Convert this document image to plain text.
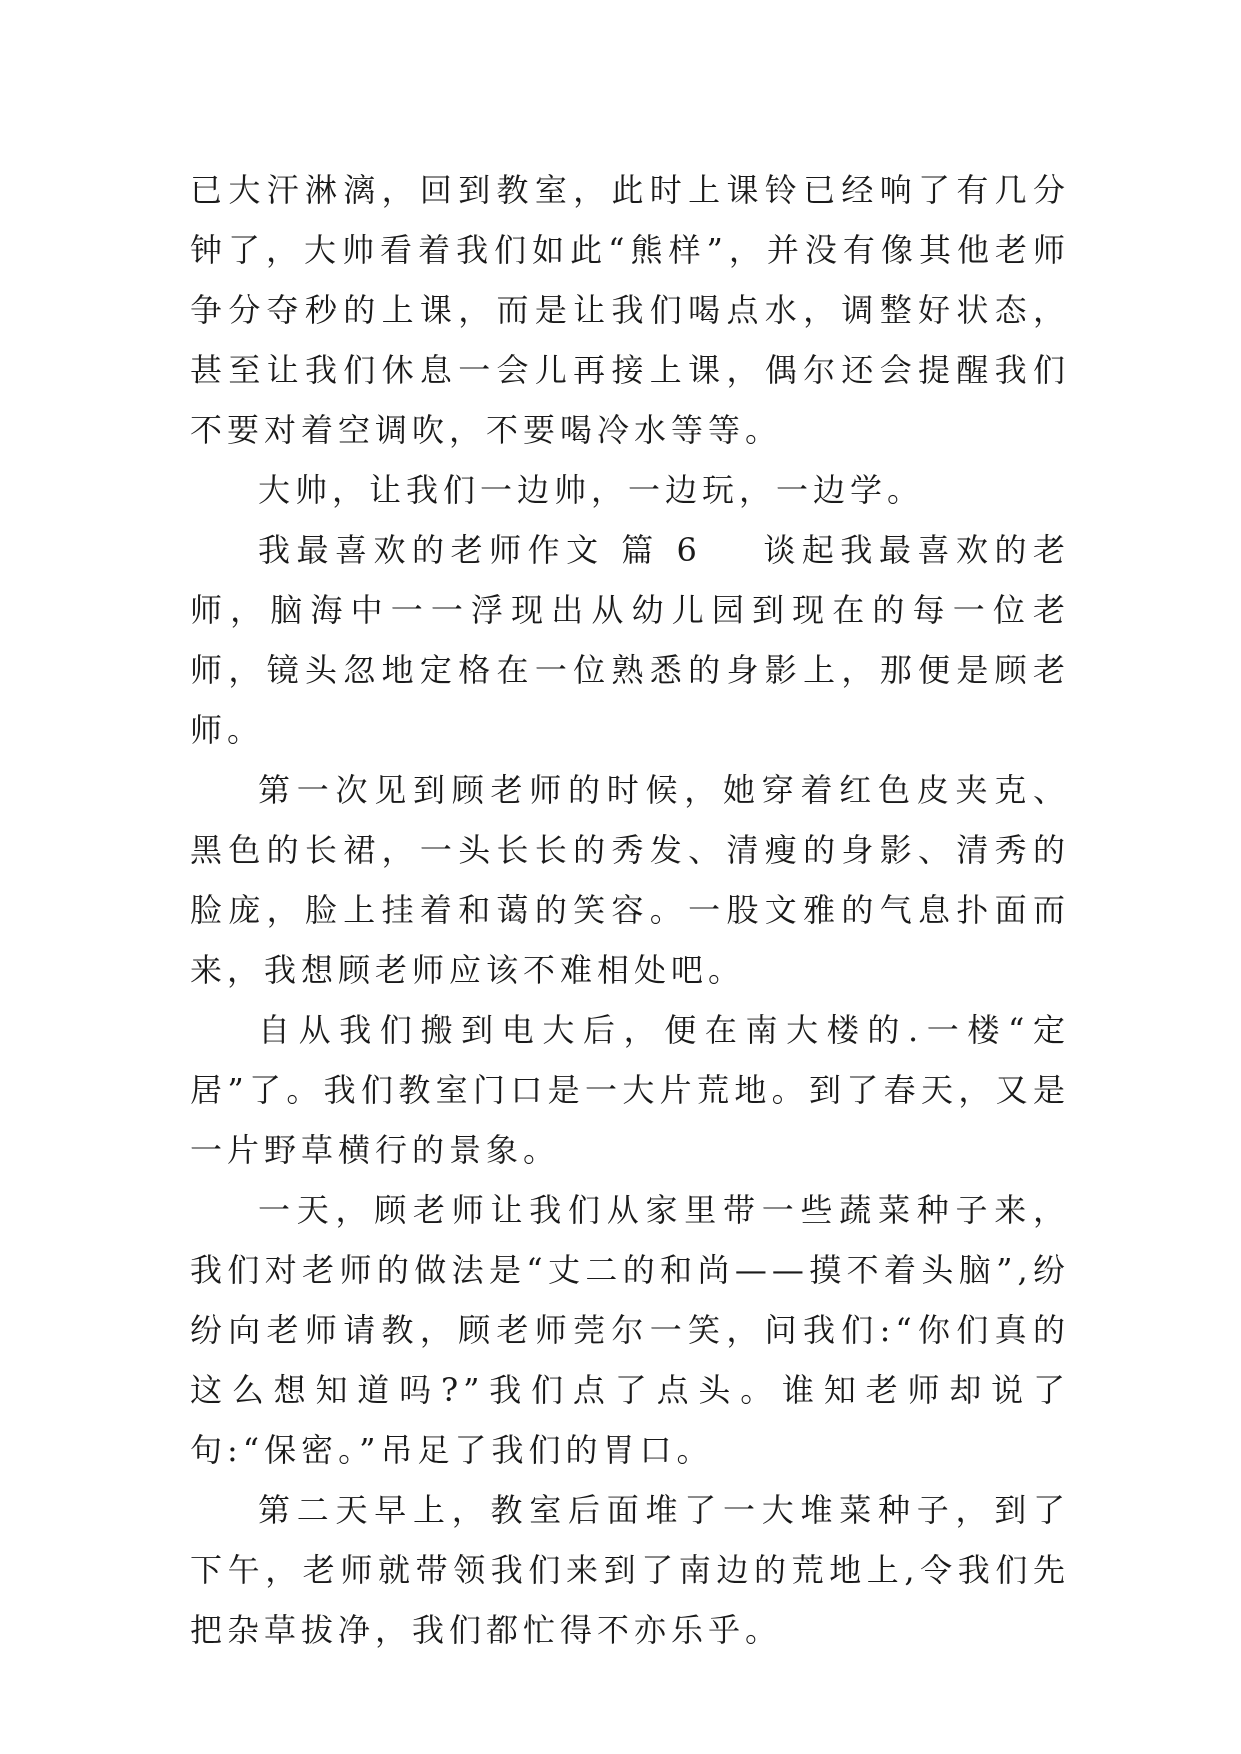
已大汗淋漓，回到教室，此时上课铃已经响了有几分钟了，大帅看着我们如此“熊样”，并没有像其他老师争分夺秒的上课，而是让我们喝点水，调整好状态，甚至让我们休息一会儿再接上课，偶尔还会提醒我们不要对着空调吹，不要喝冷水等等。

大帅，让我们一边帅，一边玩，一边学。

我最喜欢的老师作文 篇 6 谈起我最喜欢的老师，脑海中一一浮现出从幼儿园到现在的每一位老师，镜头忽地定格在一位熟悉的身影上，那便是顾老师。

第一次见到顾老师的时候，她穿着红色皮夹克、黑色的长裙，一头长长的秀发、清瘦的身影、清秀的脸庞，脸上挂着和蔼的笑容。一股文雅的气息扑面而来，我想顾老师应该不难相处吧。

自从我们搬到电大后，便在南大楼的.一楼“定居”了。我们教室门口是一大片荒地。到了春天，又是一片野草横行的景象。

一天，顾老师让我们从家里带一些蔬菜种子来，我们对老师的做法是“丈二的和尚——摸不着头脑”,纷纷向老师请教，顾老师莞尔一笑，问我们:“你们真的这么想知道吗?”我们点了点头。谁知老师却说了句:“保密。”吊足了我们的胃口。

第二天早上，教室后面堆了一大堆菜种子，到了下午，老师就带领我们来到了南边的荒地上,令我们先把杂草拔净，我们都忙得不亦乐乎。
